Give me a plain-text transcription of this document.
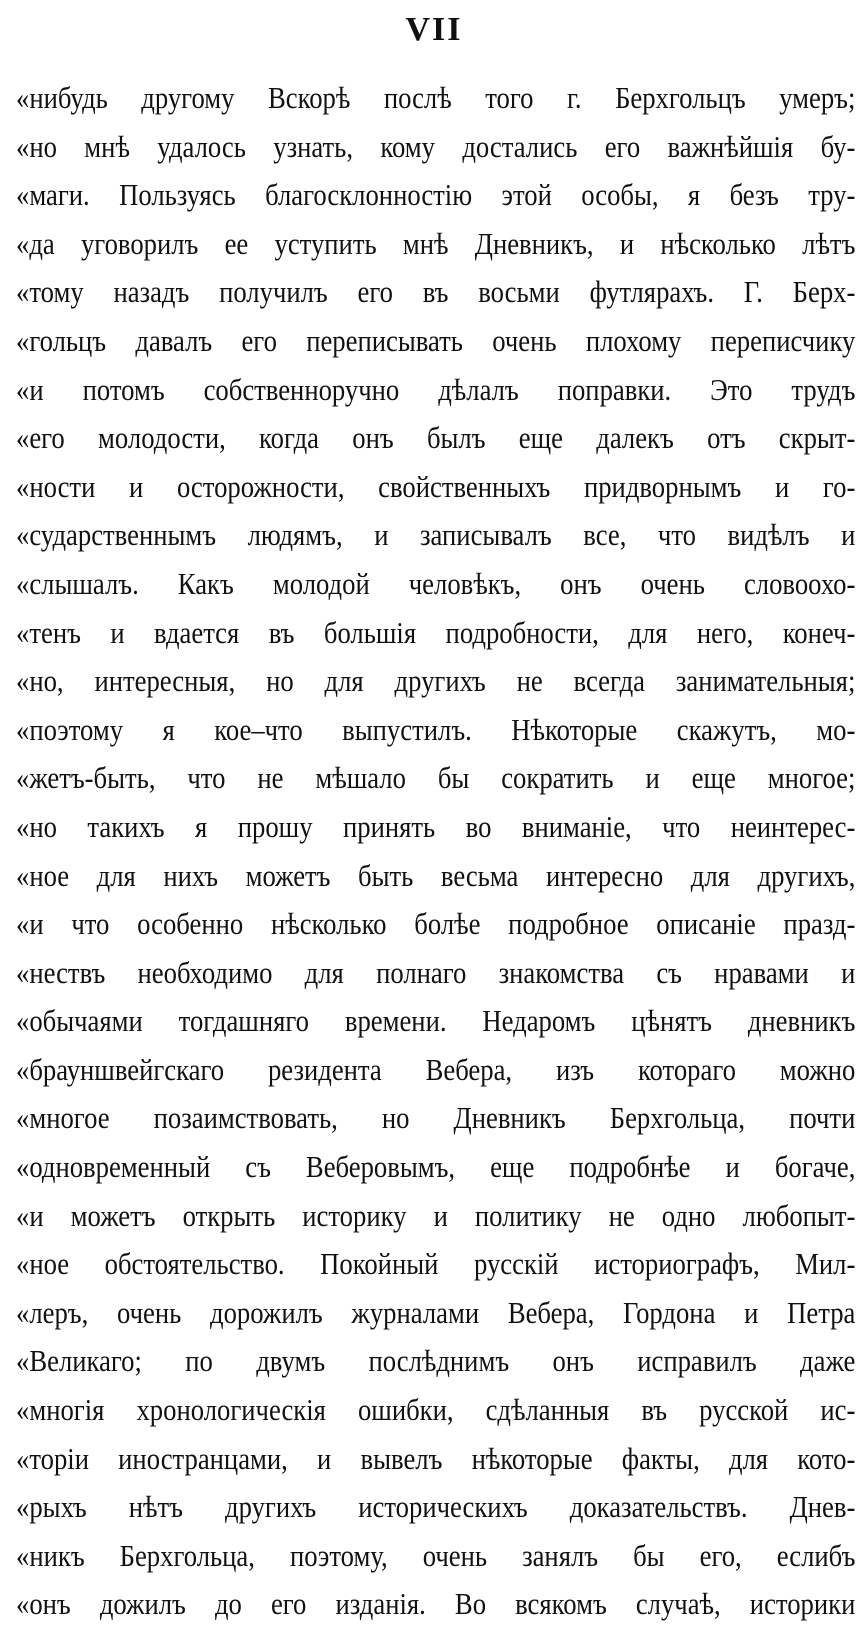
VII
«нибудь другому Вскорѣ послѣ того г. Берхгольцъ умеръ;
«но мнѣ удалось узнать, кому достались его важнѣйшія бу-
«маги. Пользуясь благосклонностію этой особы, я безъ тру-
«да уговорилъ ее уступить мнѣ Дневникъ, и нѣсколько лѣтъ
«тому назадъ получилъ его въ восьми футлярахъ. Г. Берх-
«гольцъ давалъ его переписывать очень плохому переписчику
«и потомъ собственноручно дѣлалъ поправки. Это трудъ
«его молодости, когда онъ былъ еще далекъ отъ скрыт-
«ности и осторожности, свойственныхъ придворнымъ и го-
«сударственнымъ людямъ, и записывалъ все, что видѣлъ и
«слышалъ. Какъ молодой человѣкъ, онъ очень словоохо-
«тенъ и вдается въ большія подробности, для него, конеч-
«но, интересныя, но для другихъ не всегда занимательныя;
«поэтому я кое–что выпустилъ. Нѣкоторые скажутъ, мо-
«жетъ-быть, что не мѣшало бы сократить и еще многое;
«но такихъ я прошу принять во вниманіе, что неинтерес-
«ное для нихъ можетъ быть весьма интересно для другихъ,
«и что особенно нѣсколько болѣе подробное описаніе празд-
«нествъ необходимо для полнаго знакомства съ нравами и
«обычаями тогдашняго времени. Недаромъ цѣнятъ дневникъ
«брауншвейгскаго резидента Вебера, изъ котораго можно
«многое позаимствовать, но Дневникъ Берхгольца, почти
«одновременный съ Веберовымъ, еще подробнѣе и богаче,
«и можетъ открыть историку и политику не одно любопыт-
«ное обстоятельство. Покойный русскій историографъ, Мил-
«леръ, очень дорожилъ журналами Вебера, Гордона и Петра
«Великаго; по двумъ послѣднимъ онъ исправилъ даже
«многія хронологическія ошибки, сдѣланныя въ русской ис-
«торіи иностранцами, и вывелъ нѣкоторые факты, для кото-
«рыхъ нѣтъ другихъ историческихъ доказательствъ. Днев-
«никъ Берхгольца, поэтому, очень занялъ бы его, еслибъ
«онъ дожилъ до его изданія. Во всякомъ случаѣ, историки
